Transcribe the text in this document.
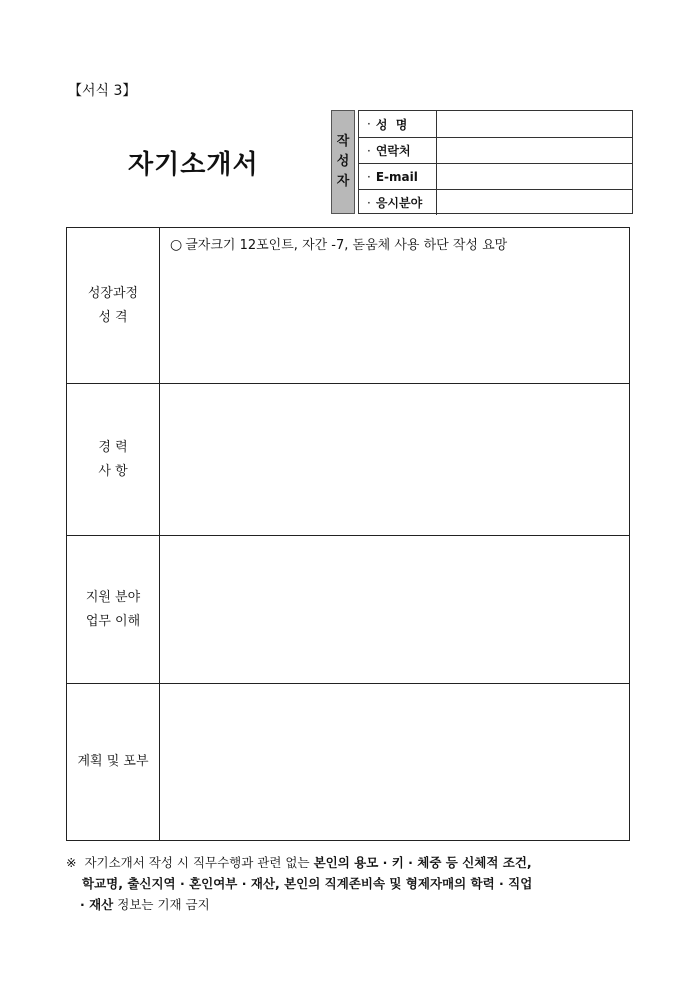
【서식 3】
자기소개서
작
성
자
· 성  명
· 연락처
· E-mail
· 응시분야
성장과정
성 격
○ 글자크기 12포인트, 자간 -7, 돋움체 사용 하단 작성 요망
경 력
사 항
지원 분야
업무 이해
계획 및 포부
※ 자기소개서 작성 시 직무수행과 관련 없는 본인의 용모 · 키 · 체중 등 신체적 조건,
학교명, 출신지역 · 혼인여부 · 재산, 본인의 직계존비속 및 형제자매의 학력 · 직업
· 재산 정보는 기재 금지
